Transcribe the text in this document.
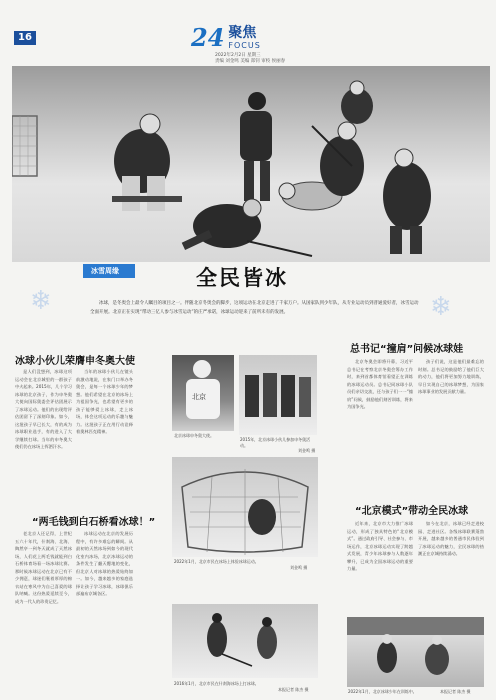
16	24 聚焦
FOCUS
2022年2月2日 星期三
责编 刘金鸣 美编 郑钊 审校 侯丽春
❄	❄
冰雪周缘	全民皆冰
冰球，是冬奥会上最令人瞩目的项目之一。伴随北京冬奥会的脚步，这项运动在北京走进了千家万户。从国家队到少年队，从专业运动员到普通爱好者，冰雪运动全面开展。北京正在实现“带动三亿人参与冰雪运动”的庄严承诺，冰球运动迎来了前所未有的发展。
冰球小伙儿荣膺申冬奥大使
是人们没想到，冰球这项运动会在北京城里的一群孩子中火起来。2015年，几个学习冰球的北京孩子，作为申冬奥大使向国际奥委会评估团展示了冰球运动。他们的出现给评估团留下了深刻印象。如今，这批孩子早已长大，有的成为冰球职业选手，有的进入了大学继续打球。当年的申冬奥大使们仍在冰场上挥洒汗水。
当年的冰球小伙儿在镜头前激动地说，在家门口举办冬奥会，是每一个冰球少年的梦想。他们希望在北京的冰场上为祖国争光，也希望有更多的孩子能够爱上冰球，走上冰场，体会这项运动的乐趣与魅力。这批孩子正在用行动诠释着奥林匹克精神。
北京
北京冰球申冬奥大使。
2015年，北京冰球小伙儿参加申冬奥活动。
刘金鸣 摄
2022年1月，北京市民在冰场上体验冰球运动。
刘金鸣 摄
“两毛钱到白石桥看冰球！”
老北京人还记得，上世纪五六十年代，什刹海、北海、陶然亭一到冬天就成了天然冰场，人们花上两毛钱就能到白石桥体育场看一场冰球比赛。那时候冰球运动在北京已有不少拥趸，球迷们裹着厚厚的棉衣站在寒风中为自己喜爱的球队呐喊。这份热爱延续至今，成为一代人的珍贵记忆。
冰球运动在北京的发展历程中，有许多难忘的瞬间。从最初的天然冰场到如今的现代化室内冰场，北京冰球运动的条件发生了翻天覆地的变化，但北京人对冰球的热爱始终如一。如今，越来越多的家庭选择让孩子学习冰球，冰球俱乐部遍布京城各区。
2016年1月，北京市民在什刹海冰场上打冰球。
本报记者 陈杰 摄
总书记“撞肩”问候冰球娃
北京冬奥会即将开幕，习近平总书记在考察北京冬奥会筹办工作时，来到首都体育馆看望正在训练的冰球运动员。总书记同冰球小队员们亲切交流，还与孩子们一一“撞肩”问候，鼓励他们刻苦训练，将来为国争光。
孩子们说，这是他们最难忘的时刻。总书记的鼓励给了他们巨大的动力，他们将更加努力地训练，早日实现自己的冰球梦想，为国家冰球事业的发展贡献力量。
“北京模式”带动全民冰球
近年来，北京市大力推广冰球运动，形成了独具特色的“北京模式”。通过政府引导、社会参与、市场运作，北京冰球运动实现了跨越式发展，青少年冰球参与人数逐年攀升，已成为全国冰球运动的重要力量。
如今在北京，冰球已经走进校园、走进社区。各级冰球联赛蓬勃开展，越来越多的普通市民体验到了冰球运动的魅力，全民冰球的热潮正在京城持续涌动。
2022年1月，北京冰球少年在训练中。	本报记者 陈杰 摄
